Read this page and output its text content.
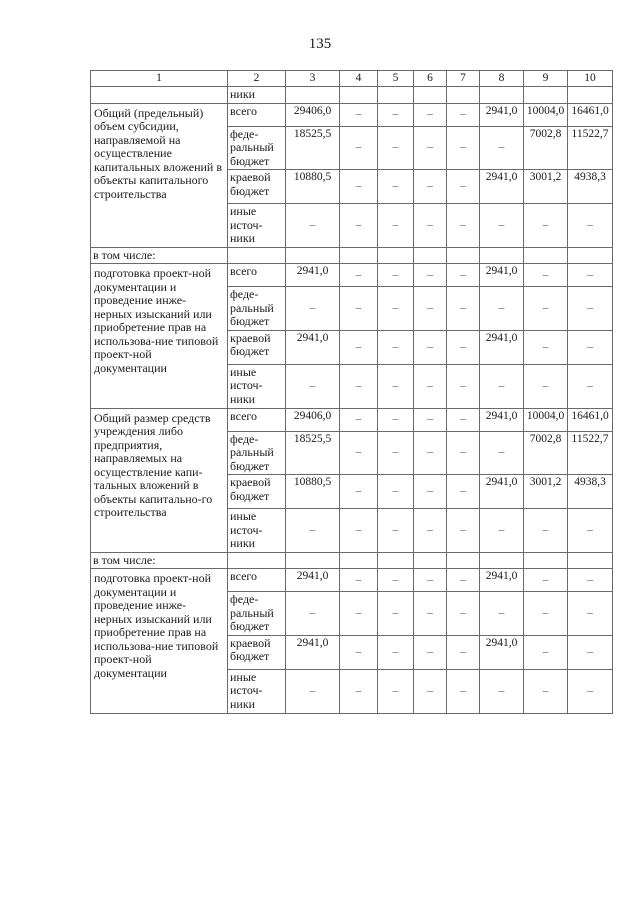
135
1	2	3	4	5	6	7	8	9	10
	ники								
Общий (предельный) объем субсидии, направляемой на осуществление капитальных вложений в объекты капитального строительства	всего	29406,0	–	–	–	–	2941,0	10004,0	16461,0
	феде-ральный бюджет	18525,5	–	–	–	–	–	7002,8	11522,7
	краевой бюджет	10880,5	–	–	–	–	2941,0	3001,2	4938,3
	иные источ-ники	–	–	–	–	–	–	–	–
в том числе:									
подготовка проект-ной документации и проведение инже-нерных изысканий или приобретение прав на использова-ние типовой проект-ной документации	всего	2941,0	–	–	–	–	2941,0	–	–
	феде-ральный бюджет	–	–	–	–	–	–	–	–
	краевой бюджет	2941,0	–	–	–	–	2941,0	–	–
	иные источ-ники	–	–	–	–	–	–	–	–
Общий размер средств учреждения либо предприятия, направляемых на осуществление капи-тальных вложений в объекты капитально-го строительства	всего	29406,0	–	–	–	–	2941,0	10004,0	16461,0
	феде-ральный бюджет	18525,5	–	–	–	–	–	7002,8	11522,7
	краевой бюджет	10880,5	–	–	–	–	2941,0	3001,2	4938,3
	иные источ-ники	–	–	–	–	–	–	–	–
в том числе:									
подготовка проект-ной документации и проведение инже-нерных изысканий или приобретение прав на использова-ние типовой проект-ной документации	всего	2941,0	–	–	–	–	2941,0	–	–
	феде-ральный бюджет	–	–	–	–	–	–	–	–
	краевой бюджет	2941,0	–	–	–	–	2941,0	–	–
	иные источ-ники	–	–	–	–	–	–	–	–
